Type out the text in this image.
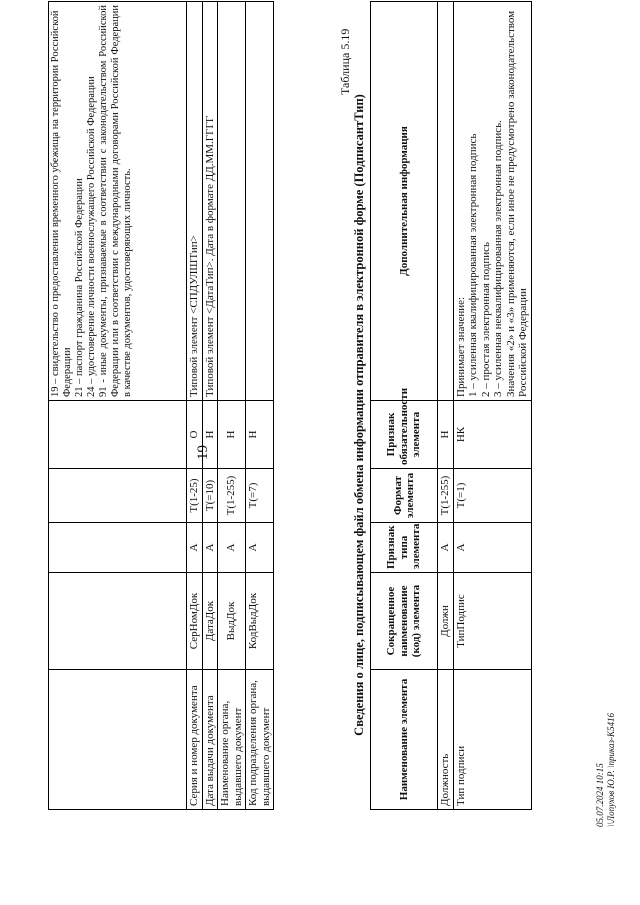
19

					19 – свидетельство о предоставлении временного убежища на территории Российской Федерации 21 – паспорт гражданина Российской Федерации 24 – удостоверение личности военнослужащего Российской Федерации 91 - иные документы, признаваемые в соответствии с законодательством Российской Федерации или в соответствии с международными договорами Российской Федерации в качестве документов, удостоверяющих личность.

Серия и номер документа	СерНомДок	А	T(1-25)	О	Типовой элемент <СПДУЛШТип>
Дата выдачи документа	ДатаДок	А	T(=10)	Н	Типовой элемент <ДатаТип>. Дата в формате ДД.ММ.ГГГГ
Наименование органа, выдавшего документ	ВыдДок	А	T(1-255)	Н	
Код подразделения органа, выдавшего документ	КодВыдДок	А	T(=7)	Н	
Таблица 5.19
Сведения о лице, подписывающем файл обмена информации отправителя в электронной форме (ПодписантТип)
Наименование элемента	Сокращенное наименование (код) элемента	Признак типа элемента	Формат элемента	Признак обязательности элемента	Дополнительная информация
Должность	Должн	А	T(1-255)	Н	
Тип подписи	ТипПодпис	А	T(=1)	НК	Принимает значение: 1 – усиленная квалифицированная электронная подпись 2 – простая электронная подпись 3 – усиленная неквалифицированная электронная подпись. Значения «2» и «3» применяются, если иное не предусмотрено законодательством Российской Федерации
05.07.2024 10:15 \\Лопухов Ю.Р. \приказ-К5416
